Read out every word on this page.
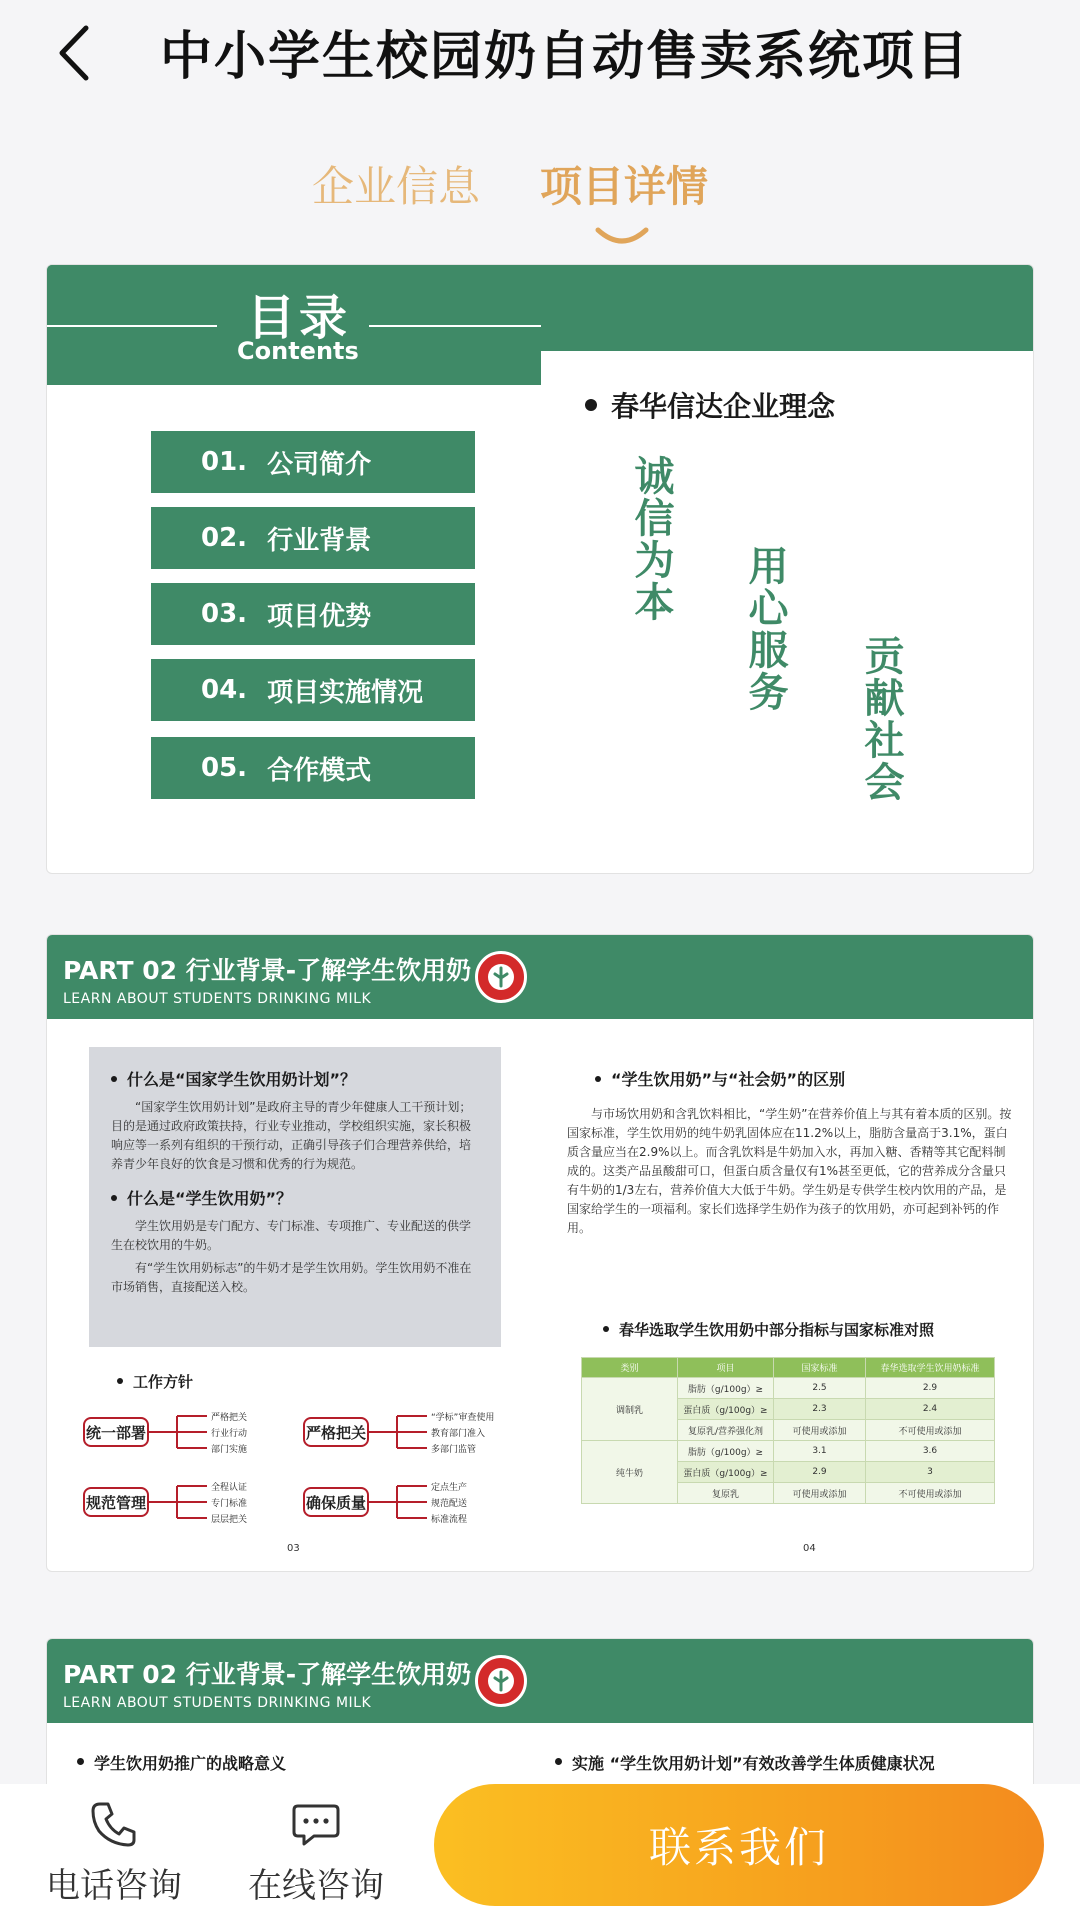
中小学生校园奶自动售卖系统项目
企业信息 项目详情
目录
Contents
01. 公司简介
02. 行业背景
03. 项目优势
04. 项目实施情况
05. 合作模式
春华信达企业理念
诚信为本
用心服务
贡献社会
PART 02 行业背景-了解学生饮用奶
LEARN ABOUT STUDENTS DRINKING MILK
什么是“国家学生饮用奶计划”？
“国家学生饮用奶计划”是政府主导的青少年健康人工干预计划；目的是通过政府政策扶持，行业专业推动，学校组织实施，家长积极响应等一系列有组织的干预行动，正确引导孩子们合理营养供给，培养青少年良好的饮食是习惯和优秀的行为规范。
什么是“学生饮用奶”？
学生饮用奶是专门配方、专门标准、专项推广、专业配送的供学生在校饮用的牛奶。
有“学生饮用奶标志”的牛奶才是学生饮用奶。学生饮用奶不准在市场销售，直接配送入校。
工作方针
统一部署
严格把关
行业行动
部门实施
严格把关
“学标”审查使用
教育部门准入
多部门监管
规范管理
全程认证
专门标准
层层把关
确保质量
定点生产
规范配送
标准流程
“学生饮用奶”与“社会奶”的区别
与市场饮用奶和含乳饮料相比，“学生奶”在营养价值上与其有着本质的区别。按国家标准，学生饮用奶的纯牛奶乳固体应在11.2%以上，脂肪含量高于3.1%，蛋白质含量应当在2.9%以上。而含乳饮料是牛奶加入水，再加入糖、香精等其它配料制成的。这类产品虽酸甜可口，但蛋白质含量仅有1%甚至更低，它的营养成分含量只有牛奶的1/3左右，营养价值大大低于牛奶。学生奶是专供学生校内饮用的产品，是国家给学生的一项福利。家长们选择学生奶作为孩子的饮用奶，亦可起到补钙的作用。
春华选取学生饮用奶中部分指标与国家标准对照
类别	项目	国家标准	春华选取学生饮用奶标准
调制乳	脂肪（g/100g）≥	2.5	2.9
	蛋白质（g/100g）≥	2.3	2.4
	复原乳/营养强化剂	可使用或添加	不可使用或添加
纯牛奶	脂肪（g/100g）≥	3.1	3.6
	蛋白质（g/100g）≥	2.9	3
	复原乳	可使用或添加	不可使用或添加
03	04
PART 02 行业背景-了解学生饮用奶
LEARN ABOUT STUDENTS DRINKING MILK
学生饮用奶推广的战略意义	实施 “学生饮用奶计划”有效改善学生体质健康状况
电话咨询	在线咨询
联系我们
